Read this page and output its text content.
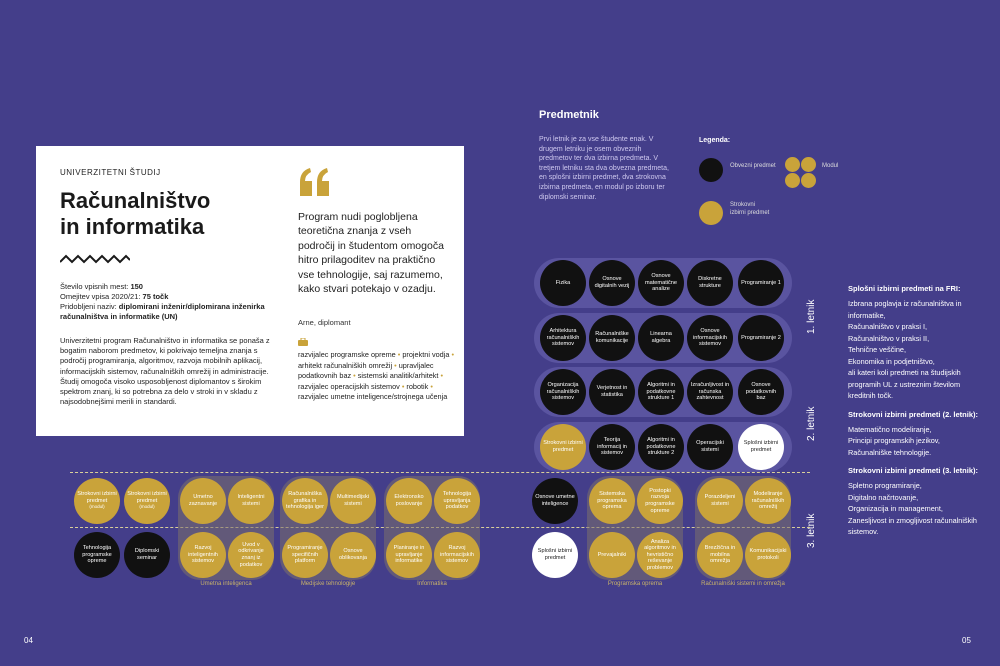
UNIVERZITETNI ŠTUDIJ
Računalništvo
in informatika
Število vpisnih mest: 150
Omejitev vpisa 2020/21: 75 točk
Pridobljeni naziv: diplomirani inženir/diplomirana inženirka računalništva in informatike (UN)
Univerzitetni program Računalništvo in informatika se ponaša z bogatim naborom predmetov, ki pokrivajo temeljna znanja s področij programiranja, algoritmov, razvoja mobilnih aplikacij, informacijskih sistemov, računalniških omrežij in administracije. Študij omogoča visoko usposobljenost diplomantov s širokim spektrom znanj, ki so potrebna za delo v stroki in v skladu z najsodobnejšimi merili in standardi.
Program nudi poglobljena teoretična znanja z vseh področij in študentom omogoča hitro prilagoditev na praktično vse tehnologije, saj razumemo, kako stvari potekajo v ozadju.
Arne, diplomant
razvijalec programske opreme • projektni vodja • arhitekt računalniških omrežij • upravljalec podatkovnih baz • sistemski analitik/arhitekt • razvijalec operacijskih sistemov • robotik • razvijalec umetne inteligence/strojnega učenja
04	05
Predmetnik
Prvi letnik je za vse študente enak. V drugem letniku je osem obveznih predmetov ter dva izbirna predmeta. V tretjem letniku sta dva obvezna predmeta, en splošni izbirni predmet, dva strokovna izbirna predmeta, en modul po izboru ter diplomski seminar.
Legenda:
Obvezni predmet	Modul
Strokovni izbirni predmet
Fizika
Osnove digitalnih vezij
Osnove matematične analize
Diskretne strukture
Programiranje 1
Arhitektura računalniških sistemov
Računalniške komunikacije
Linearna algebra
Osnove informacijskih sistemov
Programiranje 2
Organizacija računalniških sistemov
Verjetnost in statistika
Algoritmi in podatkovne strukture 1
Izračunljivost in računska zahtevnost
Osnove podatkovnih baz
Strokovni izbirni predmet
Teorija informacij in sistemov
Algoritmi in podatkovne strukture 2
Operacijski sistemi
Splošni izbirni predmet
1. letnik
2. letnik
3. letnik
Strokovni izbirni predmet
(modul)
Strokovni izbirni predmet
(modul)
Tehnologija programske opreme
Diplomski seminar
Umetno zaznavanje
Inteligentni sistemi
Razvoj inteligentnih sistemov
Uvod v odkrivanje znanj iz podatkov
Umetna inteligenca
Računalniška grafika in tehnologija iger
Multimedijski sistemi
Programiranje specifičnih platform
Osnove oblikovanja
Medijske tehnologije
Elektronsko poslovanje
Tehnologija upravljanja podatkov
Planiranje in upravljanje informatike
Razvoj informacijskih sistemov
Informatika
Osnove umetne inteligence
Splošni izbirni predmet
Sistemska programska oprema
Postopki razvoja programske opreme
Prevajalniki
Analiza algoritmov in hevristično reševanje problemov
Programska oprema
Porazdeljeni sistemi
Modeliranje računalniških omrežij
Brezžična in mobilna omrežja
Komunikacijski protokoli
Računalniški sistemi in omrežja

Splošni izbirni predmeti na FRI:

Izbrana poglavja iz računalništva in informatike,

Računalništvo v praksi I,

Računalništvo v praksi II,

Tehnične veščine,

Ekonomika in podjetništvo,

ali kateri koli predmeti na študijskih programih UL z ustreznim številom kreditnih točk.

Strokovni izbirni predmeti (2. letnik):

Matematično modeliranje,

Principi programskih jezikov,

Računalniške tehnologije.

Strokovni izbirni predmeti (3. letnik):

Spletno programiranje,

Digitalno načrtovanje,

Organizacija in management,

Zanesljivost in zmogljivost računalniških sistemov.
